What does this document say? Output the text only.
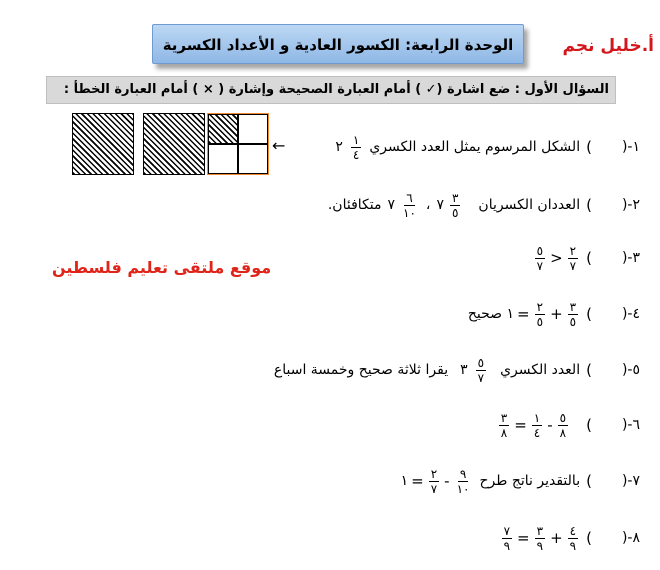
الوحدة الرابعة: الكسور العادية و الأعداد الكسرية	أ.خليل نجم
السؤال الأول : ضع اشارة (✓ ) أمام العبارة الصحيحة وإشارة ( × ) أمام العبارة الخطأ :
موقع ملتقى تعليم فلسطين
←	١-(
)
الشكل المرسوم يمثل العدد الكسري
٢ $\frac{١}{٤}$
٢-(
)
العددان الكسريان
٧ $\frac{٣}{٥}$
،
٧ $\frac{٦}{١٠}$
متكافئان.
٣-(
)
$\frac{٥}{٧} > \frac{٢}{٧}$
٤-(
)
١ صحيح = $\frac{٢}{٥} + \frac{٣}{٥}$
٥-(
)
العدد الكسري
٣ $\frac{٥}{٧}$
يقرا ثلاثة صحيح وخمسة اسباع
٦-(
)
$\frac{٣}{٨} = \frac{١}{٤} - \frac{٥}{٨}$
٧-(
)
بالتقدير ناتج طرح
١ = $\frac{٢}{٧} - \frac{٩}{١٠}$
٨-(
)
$\frac{٧}{٩} = \frac{٣}{٩} + \frac{٤}{٩}$
